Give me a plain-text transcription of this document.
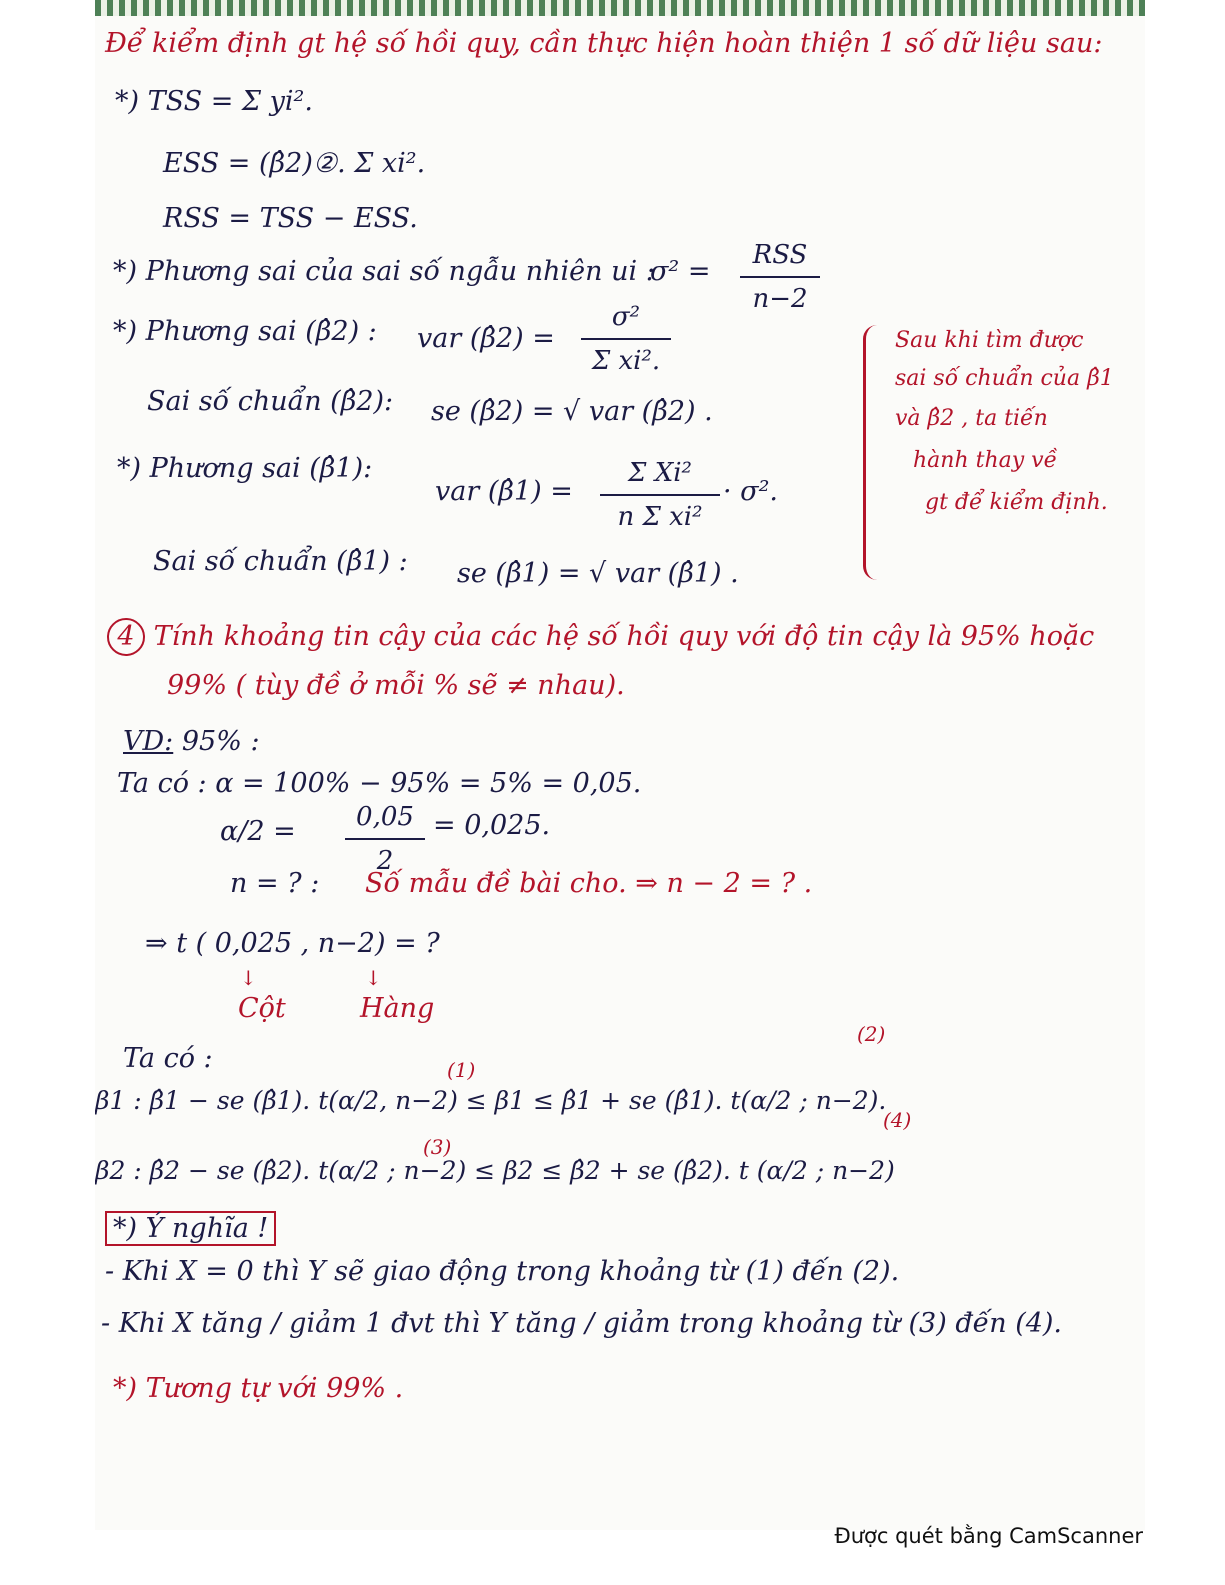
Để kiểm định gt hệ số hồi quy, cần thực hiện hoàn thiện 1 số dữ liệu sau:
*) TSS = Σ yi².
ESS = (β̂2)②. Σ xi².
RSS = TSS − ESS.
*) Phương sai của sai số ngẫu nhiên ui :
σ² =
RSS
n−2
*) Phương sai (β̂2) : var (β̂2) =
σ²
Σ xi².
Sai số chuẩn (β̂2): se (β̂2) = √ var (β̂2) .
*) Phương sai (β̂1):
var (β̂1) =
Σ Xi²
n Σ xi²
· σ².
Sai số chuẩn (β̂1) : se (β̂1) = √ var (β̂1) .
Sau khi tìm được
sai số chuẩn của β̂1
và β̂2 , ta tiến
hành thay về
gt để kiểm định.
4 Tính khoảng tin cậy của các hệ số hồi quy với độ tin cậy là 95% hoặc
99% ( tùy đề ở mỗi % sẽ ≠ nhau).
VD: 95% :
Ta có : α = 100% − 95% = 5% = 0,05.
α/2 =	0,05
2
= 0,025.
n = ? : Số mẫu đề bài cho. ⇒ n − 2 = ? .
⇒ t ( 0,025 , n−2) = ?
↓	↓
Cột	Hàng
Ta có :	(1)
(2)
β1 : β̂1 − se (β̂1). t(α/2, n−2) ≤ β1 ≤ β̂1 + se (β̂1). t(α/2 ; n−2).
(3)
(4)
β2 : β̂2 − se (β̂2). t(α/2 ; n−2) ≤ β2 ≤ β̂2 + se (β̂2). t (α/2 ; n−2)
*) Ý nghĩa !
- Khi X = 0 thì Y sẽ giao động trong khoảng từ (1) đến (2).
- Khi X tăng / giảm 1 đvt thì Y tăng / giảm trong khoảng từ (3) đến (4).
*) Tương tự với 99% .
Được quét bằng CamScanner
